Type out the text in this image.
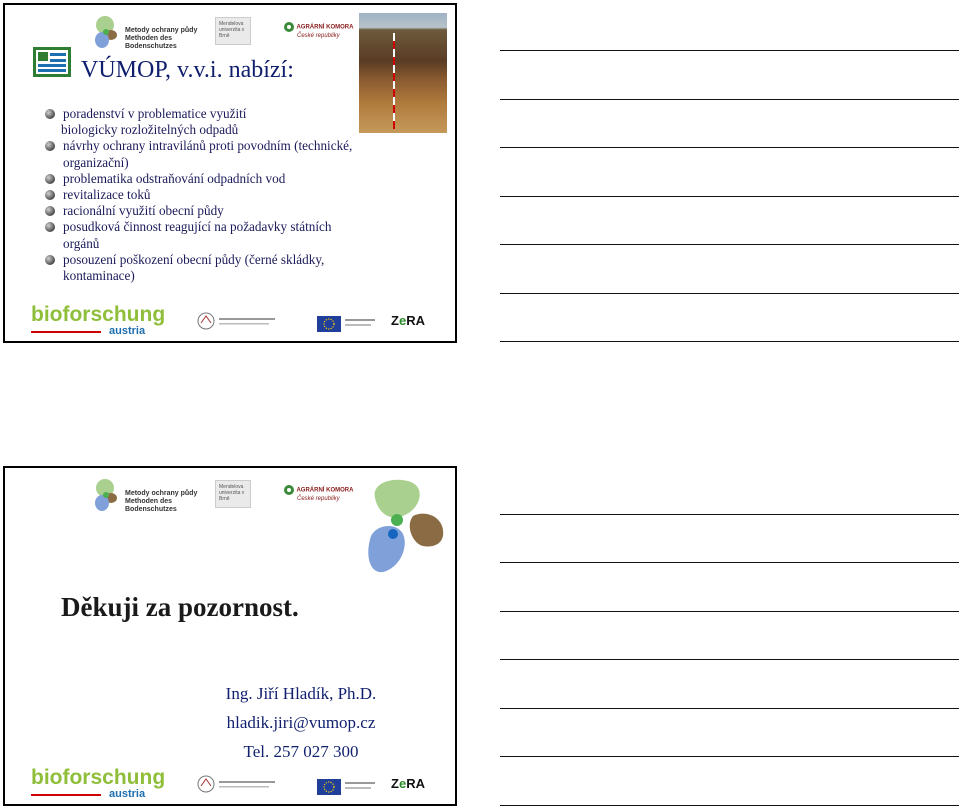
Metody ochrany půdy
Methoden des Bodenschutzes
Mendelova univerzita v Brně
AGRÁRNÍ KOMORA
České republiky
VÚMOP, v.v.i. nabízí:
poradenství v problematice využití
biologicky rozložitelných odpadů
návrhy ochrany intravilánů proti povodním (technické,
organizační)
problematika odstraňování odpadních vod
revitalizace toků
racionální využití obecní půdy
posudková činnost reagující na požadavky státních
orgánů
posouzení poškození obecní půdy (černé skládky,
kontaminace)
bioforschung
austria
ZeRA
Metody ochrany půdy
Methoden des Bodenschutzes
Mendelova univerzita v Brně
AGRÁRNÍ KOMORA
České republiky
Děkuji za pozornost.
Ing. Jiří Hladík, Ph.D.
hladik.jiri@vumop.cz
Tel. 257 027 300
bioforschung
austria
ZeRA
